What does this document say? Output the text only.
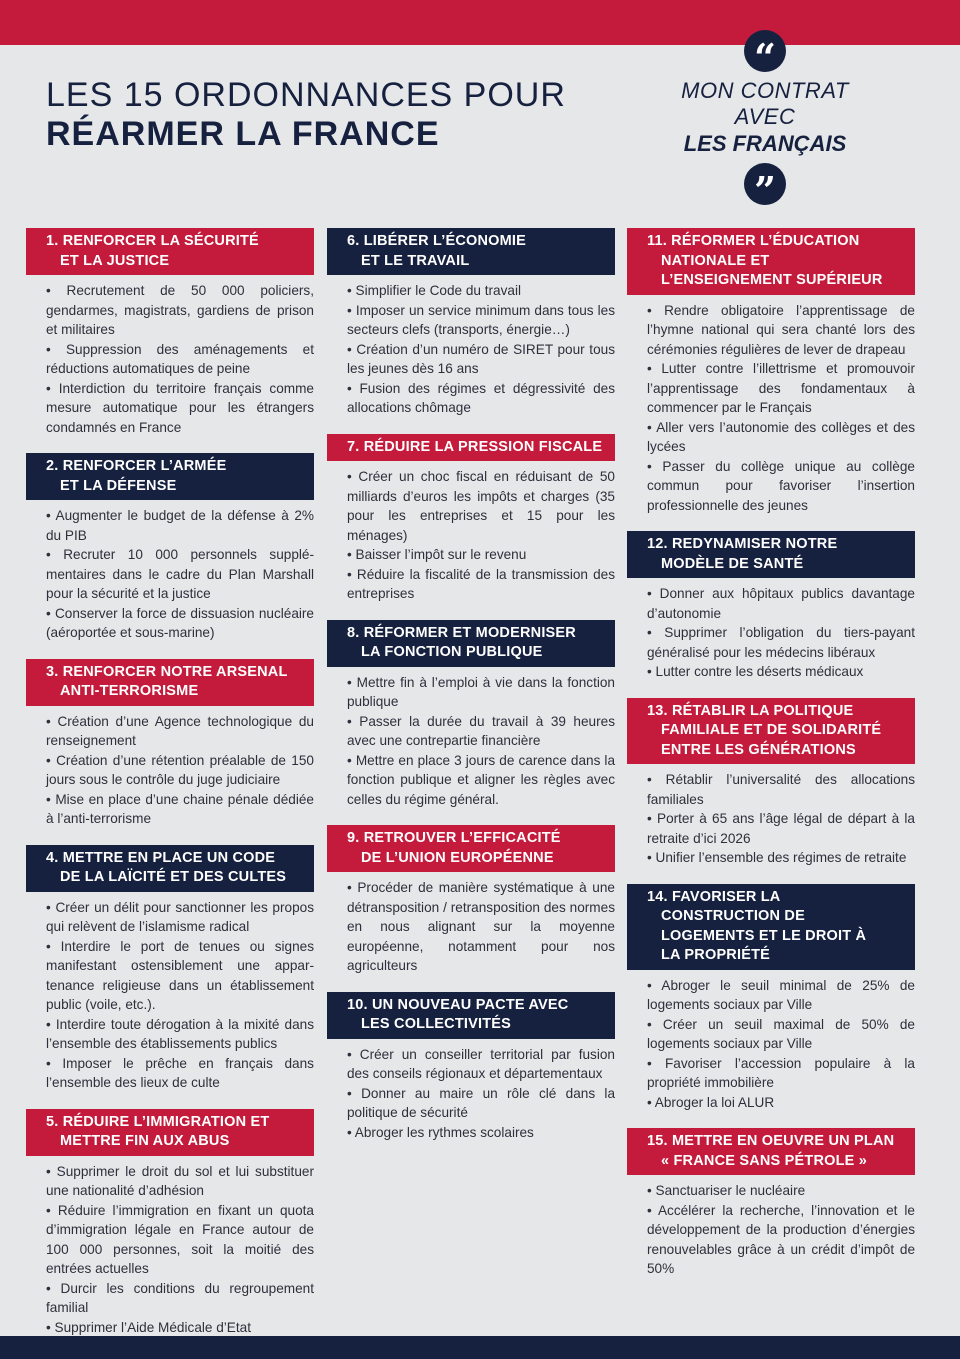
LES 15 ORDONNANCES POUR
RÉARMER LA FRANCE
“
MON CONTRAT
AVEC
LES FRANÇAIS
”
1. RENFORCER LA SÉCURITÉ
ET LA JUSTICE
• Recrutement de 50 000 policiers, gendarmes, magistrats, gardiens de prison et militaires
• Suppression des aménagements et réductions automatiques de peine
• Interdiction du territoire français comme mesure automatique pour les étrangers condamnés en France
2. RENFORCER L’ARMÉE
ET LA DÉFENSE
• Augmenter le budget de la défense à 2% du PIB
• Recruter 10 000 personnels supplé-mentaires dans le cadre du Plan Marshall pour la sécurité et la justice
• Conserver la force de dissuasion nucléaire (aéroportée et sous-marine)
3. RENFORCER NOTRE ARSENAL
ANTI-TERRORISME
• Création d’une Agence technologique du renseignement
• Création d’une rétention préalable de 150 jours sous le contrôle du juge judiciaire
• Mise en place d’une chaine pénale dédiée à l’anti-terrorisme
4. METTRE EN PLACE UN CODE
DE LA LAÏCITÉ ET DES CULTES
• Créer un délit pour sanctionner les propos qui relèvent de l’islamisme radical
• Interdire le port de tenues ou signes manifestant ostensiblement une appar-tenance religieuse dans un établissement public (voile, etc.).
• Interdire toute dérogation à la mixité dans l’ensemble des établissements publics
• Imposer le prêche en français dans l’ensemble des lieux de culte
5. RÉDUIRE L’IMMIGRATION ET
METTRE FIN AUX ABUS
• Supprimer le droit du sol et lui substituer une nationalité d’adhésion
• Réduire l’immigration en fixant un quota d’immigration légale en France autour de 100 000 personnes, soit la moitié des entrées actuelles
• Durcir les conditions du regroupement familial
• Supprimer l’Aide Médicale d’Etat
6. LIBÉRER L’ÉCONOMIE
ET LE TRAVAIL
• Simplifier le Code du travail
• Imposer un service minimum dans tous les secteurs clefs (transports, énergie…)
• Création d’un numéro de SIRET pour tous les jeunes dès 16 ans
• Fusion des régimes et dégressivité des allocations chômage
7. RÉDUIRE LA PRESSION FISCALE
• Créer un choc fiscal en réduisant de 50 milliards d’euros les impôts et charges (35 pour les entreprises et 15 pour les ménages)
• Baisser l’impôt sur le revenu
• Réduire la fiscalité de la transmission des entreprises
8. RÉFORMER ET MODERNISER
LA FONCTION PUBLIQUE
• Mettre fin à l’emploi à vie dans la fonction publique
• Passer la durée du travail à 39 heures avec une contrepartie financière
• Mettre en place 3 jours de carence dans la fonction publique et aligner les règles avec celles du régime général.
9. RETROUVER L’EFFICACITÉ
DE L’UNION EUROPÉENNE
• Procéder de manière systématique à une détransposition / retransposition des normes en nous alignant sur la moyenne européenne, notamment pour nos agriculteurs
10. UN NOUVEAU PACTE AVEC
LES COLLECTIVITÉS
• Créer un conseiller territorial par fusion des conseils régionaux et départementaux
• Donner au maire un rôle clé dans la politique de sécurité
• Abroger les rythmes scolaires
11. RÉFORMER L’ÉDUCATION
NATIONALE ET
L’ENSEIGNEMENT SUPÉRIEUR
• Rendre obligatoire l’apprentissage de l’hymne national qui sera chanté lors des cérémonies régulières de lever de drapeau
• Lutter contre l’illettrisme et promouvoir l’apprentissage des fondamentaux à commencer par le Français
• Aller vers l’autonomie des collèges et des lycées
• Passer du collège unique au collège commun pour favoriser l’insertion professionnelle des jeunes
12. REDYNAMISER NOTRE
MODÈLE DE SANTÉ
• Donner aux hôpitaux publics davantage d’autonomie
• Supprimer l’obligation du tiers-payant généralisé pour les médecins libéraux
• Lutter contre les déserts médicaux
13. RÉTABLIR LA POLITIQUE
FAMILIALE ET DE SOLIDARITÉ
ENTRE LES GÉNÉRATIONS
• Rétablir l’universalité des allocations familiales
• Porter à 65 ans l’âge légal de départ à la retraite d’ici 2026
• Unifier l’ensemble des régimes de retraite
14. FAVORISER LA
CONSTRUCTION DE
LOGEMENTS ET LE DROIT À
LA PROPRIÉTÉ
• Abroger le seuil minimal de 25% de logements sociaux par Ville
• Créer un seuil maximal de 50% de logements sociaux par Ville
• Favoriser l’accession populaire à la propriété immobilière
• Abroger la loi ALUR
15. METTRE EN OEUVRE UN PLAN
« FRANCE SANS PÉTROLE »
• Sanctuariser le nucléaire
• Accélérer la recherche, l’innovation et le développement de la production d’énergies renouvelables grâce à un crédit d’impôt de 50%
